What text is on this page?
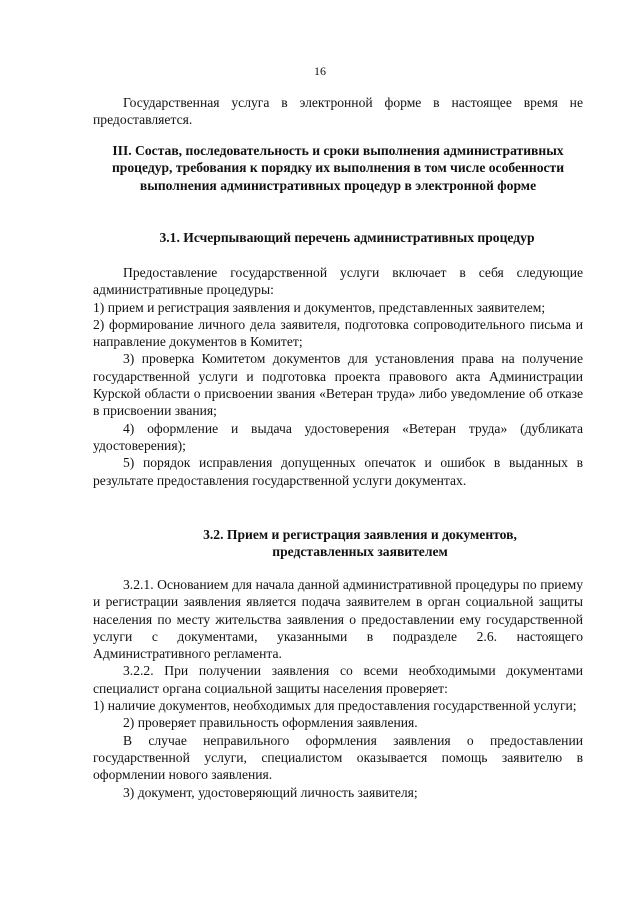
16

Государственная услуга в электронной форме в настоящее время не предоставляется.

III. Состав, последовательность и сроки выполнения административных процедур, требования к порядку их выполнения в том числе особенности выполнения административных процедур в электронной форме

3.1. Исчерпывающий перечень административных процедур

Предоставление государственной услуги включает в себя следующие административные процедуры:

1) прием и регистрация заявления и документов, представленных заявителем;

2) формирование личного дела заявителя, подготовка сопроводительного письма и направление документов в Комитет;

3) проверка Комитетом документов для установления права на получение государственной услуги и подготовка проекта правового акта Администрации Курской области о присвоении звания «Ветеран труда» либо уведомление об отказе в присвоении звания;

4) оформление и выдача удостоверения «Ветеран труда» (дубликата удостоверения);

5) порядок исправления допущенных опечаток и ошибок в выданных в результате предоставления государственной услуги документах.

3.2. Прием и регистрация заявления и документов, представленных заявителем

3.2.1. Основанием для начала данной административной процедуры по приему и регистрации заявления является подача заявителем в орган социальной защиты населения по месту жительства заявления о предоставлении ему государственной услуги с документами, указанными в подразделе 2.6. настоящего Административного регламента.

3.2.2. При получении заявления со всеми необходимыми документами специалист органа социальной защиты населения проверяет:

1) наличие документов, необходимых для предоставления государственной услуги;

2) проверяет правильность оформления заявления.

В случае неправильного оформления заявления о предоставлении государственной услуги, специалистом оказывается помощь заявителю в оформлении нового заявления.

3) документ, удостоверяющий личность заявителя;
